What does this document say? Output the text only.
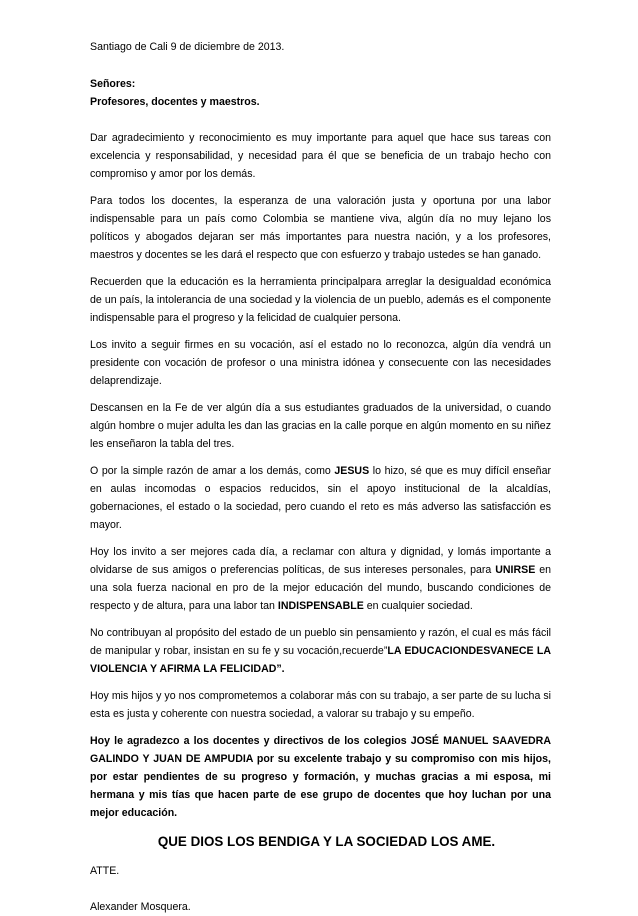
Santiago de Cali 9 de diciembre de 2013.

Señores:
Profesores, docentes y maestros.

Dar agradecimiento y reconocimiento es muy importante para aquel que hace sus tareas con excelencia y responsabilidad, y necesidad para él que se beneficia de un trabajo hecho con compromiso y amor por los demás.

Para todos los docentes, la esperanza de una valoración justa y oportuna por una labor indispensable para un país como Colombia se mantiene viva, algún día no muy lejano los políticos y abogados dejaran ser más importantes para nuestra nación, y a los profesores, maestros y docentes se les dará el respecto que con esfuerzo y trabajo ustedes se han ganado.

Recuerden que la educación es la herramienta principalpara arreglar la desigualdad económica de un país, la intolerancia de una sociedad y la violencia de un pueblo, además es el componente indispensable para el progreso y la felicidad de cualquier persona.

Los invito a seguir firmes en su vocación, así el estado no lo reconozca, algún día vendrá un presidente con vocación de profesor o una ministra idónea y consecuente con las necesidades delaprendizaje.

Descansen en la Fe de ver algún día a sus estudiantes graduados de la universidad, o cuando algún hombre o mujer adulta les dan las gracias en la calle porque en algún momento en su niñez les enseñaron la tabla del tres.

O por la simple razón de amar a los demás, como JESUS lo hizo, sé que es muy difícil enseñar en aulas incomodas o espacios reducidos, sin el apoyo institucional de la alcaldías, gobernaciones, el estado o la sociedad, pero cuando el reto es más adverso las satisfacción es mayor.

Hoy los invito a ser mejores cada día, a reclamar con altura y dignidad, y lomás importante a olvidarse de sus amigos o preferencias políticas, de sus intereses personales, para UNIRSE en una sola fuerza nacional en pro de la mejor educación del mundo, buscando condiciones de respecto y de altura, para una labor tan INDISPENSABLE en cualquier sociedad.

No contribuyan al propósito del estado de un pueblo sin pensamiento y razón, el cual es más fácil de manipular y robar, insistan en su fe y su vocación,recuerde”LA EDUCACIONDESVANECE LA VIOLENCIA Y AFIRMA LA FELICIDAD”.

Hoy mis hijos y yo nos comprometemos a colaborar más con su trabajo, a ser parte de su lucha si esta es justa y coherente con nuestra sociedad, a valorar su trabajo y su empeño.

Hoy le agradezco a los docentes y directivos de los colegios JOSÉ MANUEL SAAVEDRA GALINDO Y JUAN DE AMPUDIA por su excelente trabajo y su compromiso con mis hijos, por estar pendientes de su progreso y formación, y muchas gracias a mi esposa, mi hermana y mis tías que hacen parte de ese grupo de docentes que hoy luchan por una mejor educación.

QUE DIOS LOS BENDIGA Y LA SOCIEDAD LOS AME.

ATTE.

Alexander Mosquera.
